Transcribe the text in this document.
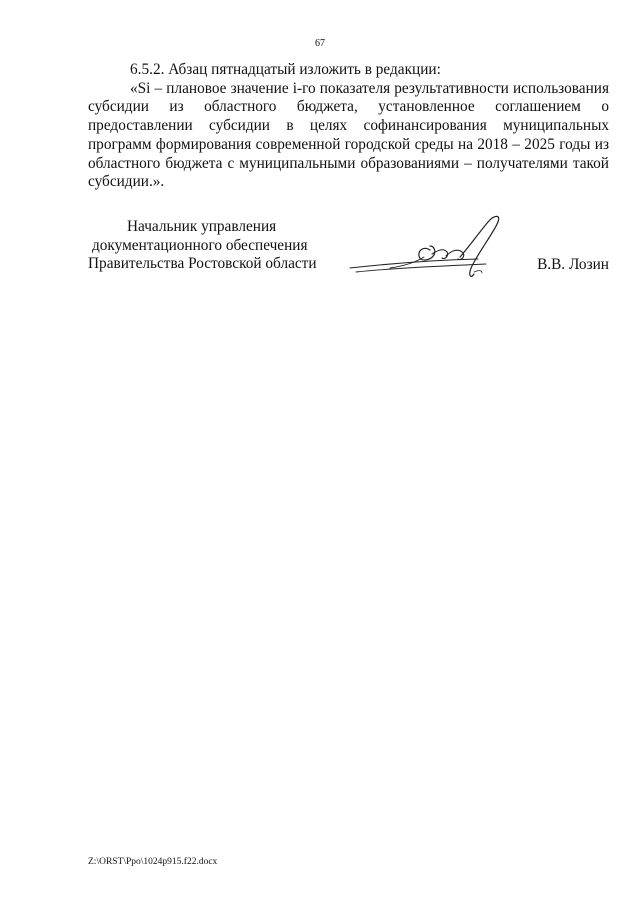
67

6.5.2. Абзац пятнадцатый изложить в редакции:

«Si – плановое значение i-го показателя результативности использования субсидии из областного бюджета, установленное соглашением о предоставлении субсидии в целях софинансирования муниципальных программ формирования современной городской среды на 2018 – 2025 годы из областного бюджета с муниципальными образованиями – получателями такой субсидии.».

Начальник управления
документационного обеспечения
Правительства Ростовской области	В.В. Лозин
Z:\ORST\Ppo\1024p915.f22.docx
